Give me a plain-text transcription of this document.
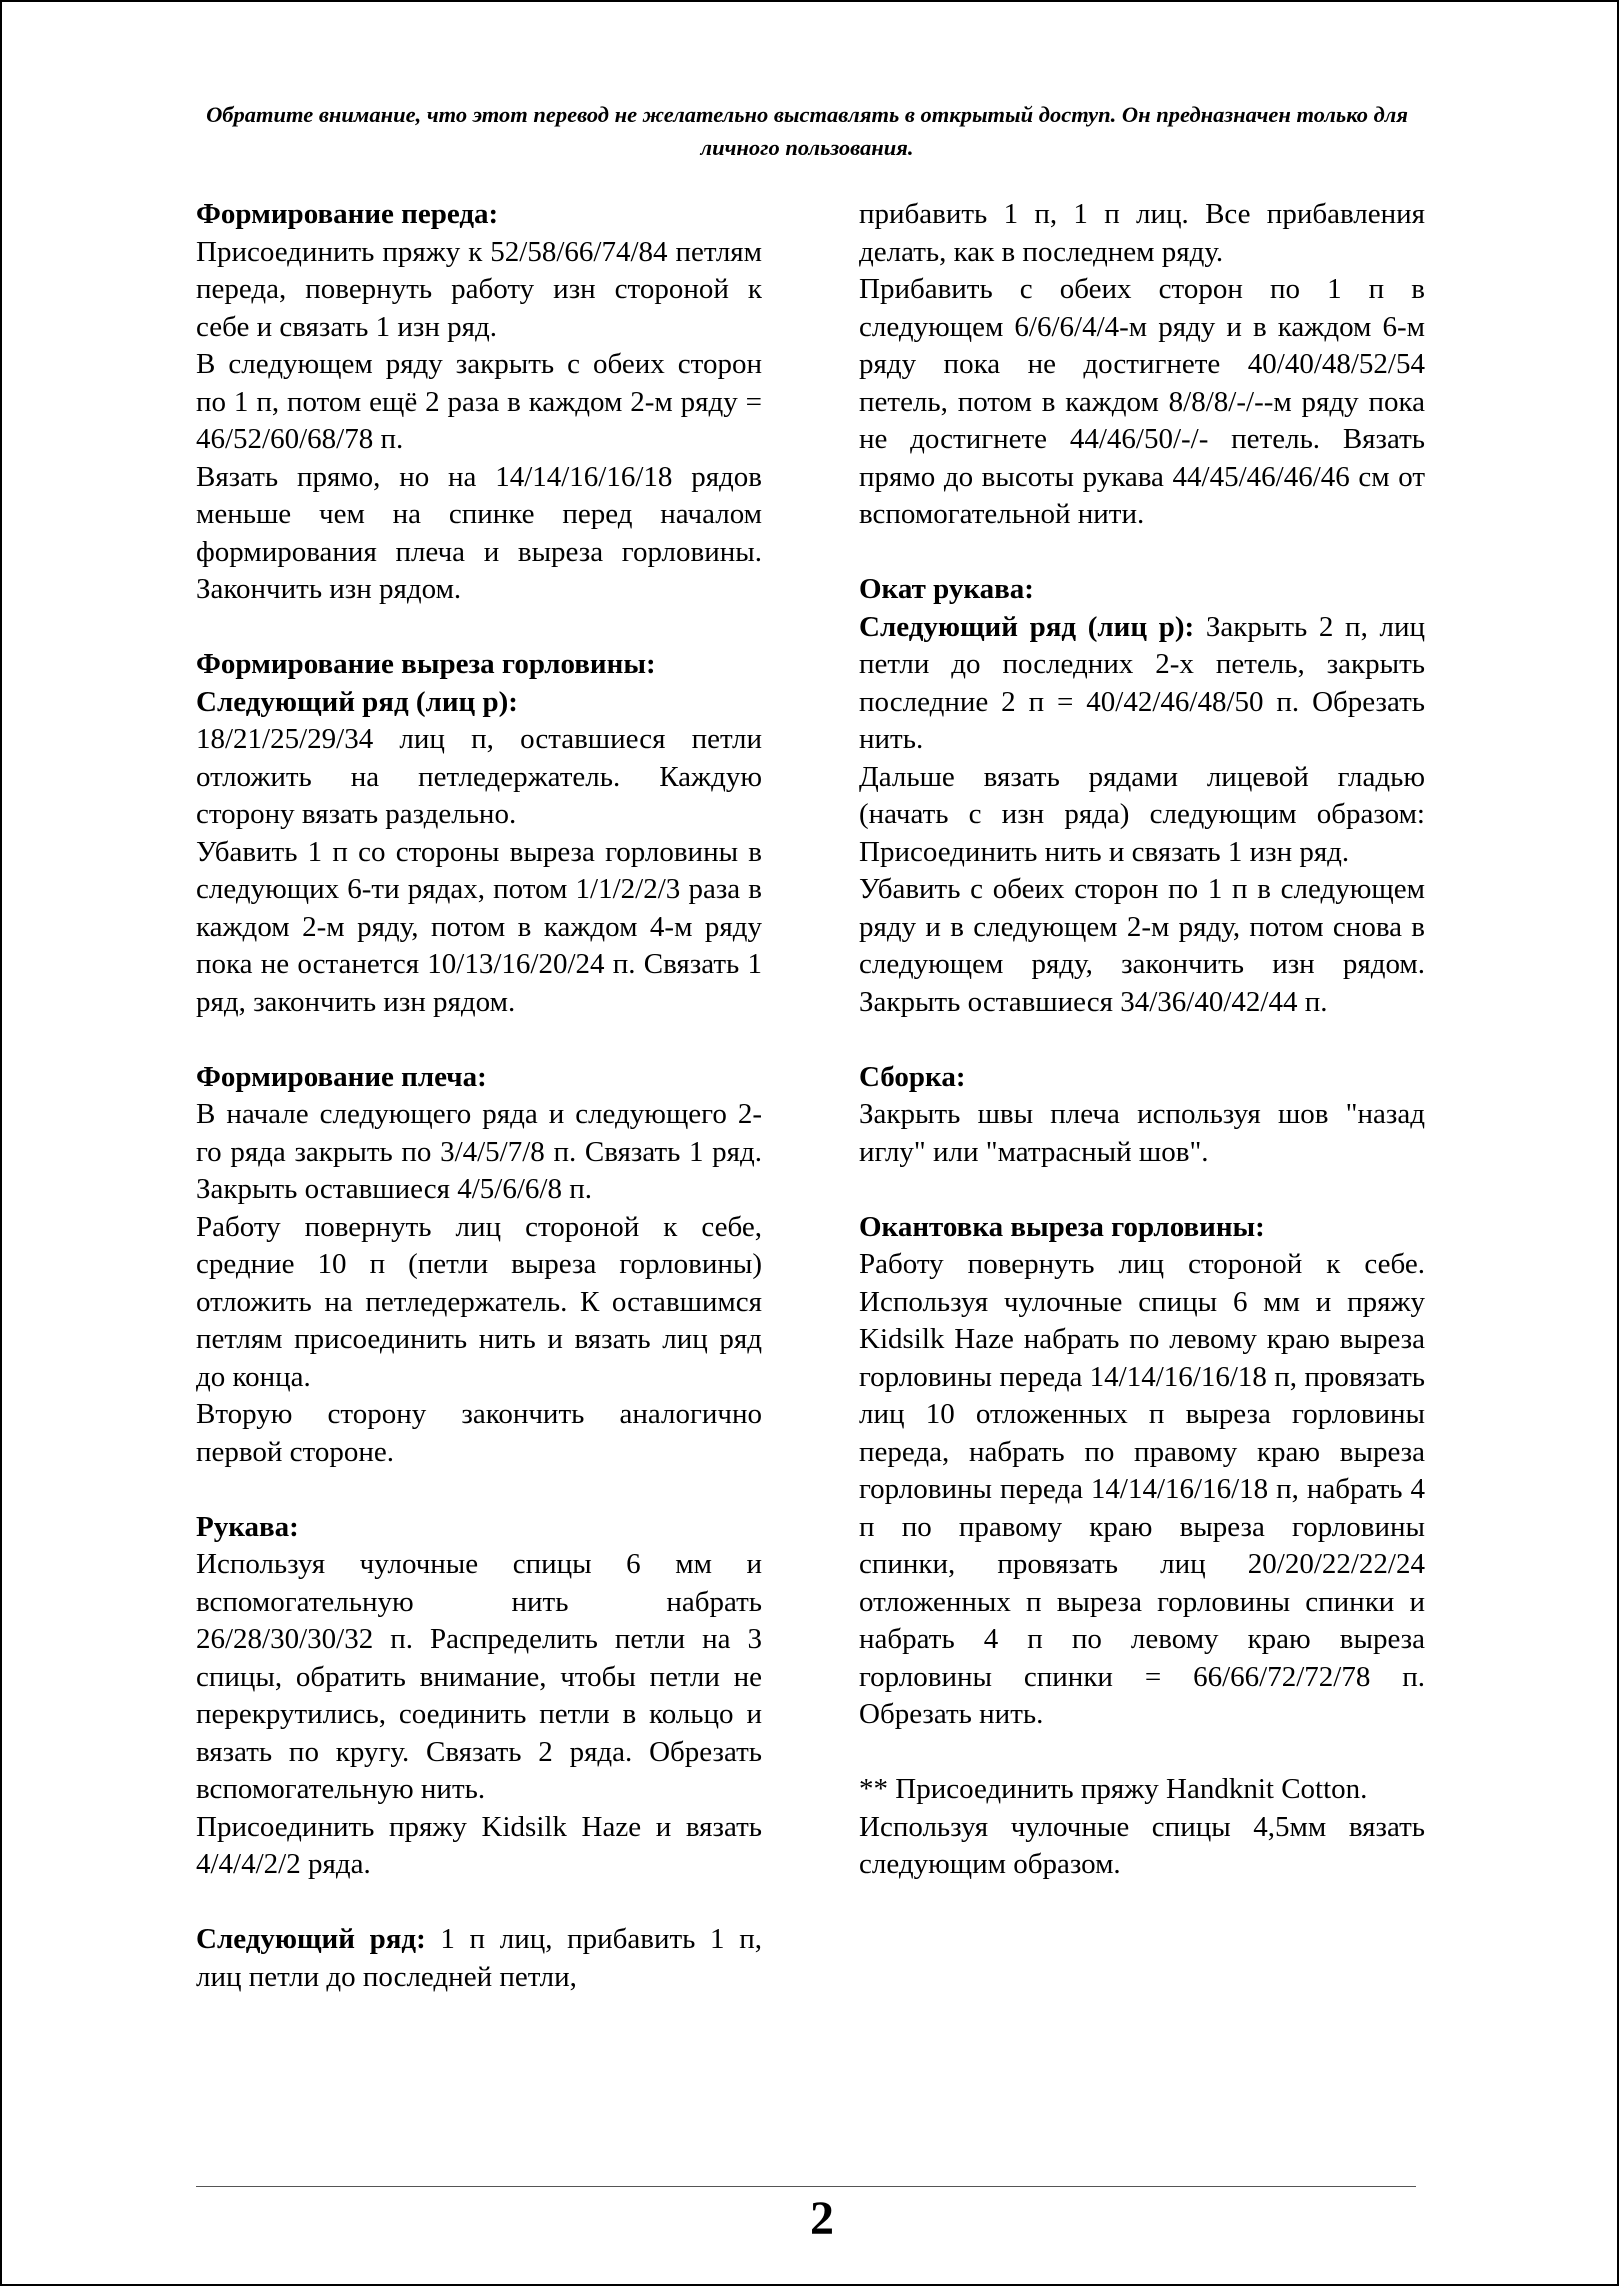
Обратите внимание, что этот перевод не желательно выставлять в открытый доступ. Он предназначен только для личного пользования.

Формирование переда:

Присоединить пряжу к 52/58/66/74/84 петлям переда, повернуть работу изн стороной к себе и связать 1 изн ряд.

В следующем ряду закрыть с обеих сторон по 1 п, потом ещё 2 раза в каждом 2-м ряду = 46/52/60/68/78 п.

Вязать прямо, но на 14/14/16/16/18 рядов меньше чем на спинке перед началом формирования плеча и выреза горловины. Закончить изн рядом.

Формирование выреза горловины:

Следующий ряд (лиц р):

18/21/25/29/34 лиц п, оставшиеся петли отложить на петледержатель. Каждую сторону вязать раздельно.

Убавить 1 п со стороны выреза горловины в следующих 6-ти рядах, потом 1/1/2/2/3 раза в каждом 2-м ряду, потом в каждом 4-м ряду пока не останется 10/13/16/20/24 п. Связать 1 ряд, закончить изн рядом.

Формирование плеча:

В начале следующего ряда и следующего 2-го ряда закрыть по 3/4/5/7/8 п. Связать 1 ряд. Закрыть оставшиеся 4/5/6/6/8 п.

Работу повернуть лиц стороной к себе, средние 10 п (петли выреза горловины) отложить на петледержатель. К оставшимся петлям присоединить нить и вязать лиц ряд до конца.

Вторую сторону закончить аналогично первой стороне.

Рукава:

Используя чулочные спицы 6 мм и вспомогательную нить набрать 26/28/30/30/32 п. Распределить петли на 3 спицы, обратить внимание, чтобы петли не перекрутились, соединить петли в кольцо и вязать по кругу. Связать 2 ряда. Обрезать вспомогательную нить.

Присоединить пряжу Kidsilk Haze и вязать 4/4/4/2/2 ряда.

Следующий ряд: 1 п лиц, прибавить 1 п, лиц петли до последней петли,

прибавить 1 п, 1 п лиц. Все прибавления делать, как в последнем ряду.

Прибавить с обеих сторон по 1 п в следующем 6/6/6/4/4-м ряду и в каждом 6-м ряду пока не достигнете 40/40/48/52/54 петель, потом в каждом 8/8/8/-/--м ряду пока не достигнете 44/46/50/-/- петель. Вязать прямо до высоты рукава 44/45/46/46/46 см от вспомогательной нити.

Окат рукава:

Следующий ряд (лиц р): Закрыть 2 п, лиц петли до последних 2-х петель, закрыть последние 2 п = 40/42/46/48/50 п. Обрезать нить.

Дальше вязать рядами лицевой гладью (начать с изн ряда) следующим образом: Присоединить нить и связать 1 изн ряд.

Убавить с обеих сторон по 1 п в следующем ряду и в следующем 2-м ряду, потом снова в следующем ряду, закончить изн рядом. Закрыть оставшиеся 34/36/40/42/44 п.

Сборка:

Закрыть швы плеча используя шов "назад иглу" или "матрасный шов".

Окантовка выреза горловины:

Работу повернуть лиц стороной к себе. Используя чулочные спицы 6 мм и пряжу Kidsilk Haze набрать по левому краю выреза горловины переда 14/14/16/16/18 п, провязать лиц 10 отложенных п выреза горловины переда, набрать по правому краю выреза горловины переда 14/14/16/16/18 п, набрать 4 п по правому краю выреза горловины спинки, провязать лиц 20/20/22/22/24 отложенных п выреза горловины спинки и набрать 4 п по левому краю выреза горловины спинки = 66/66/72/72/78 п. Обрезать нить.

** Присоединить пряжу Handknit Cotton.

Используя чулочные спицы 4,5мм вязать следующим образом.

2
